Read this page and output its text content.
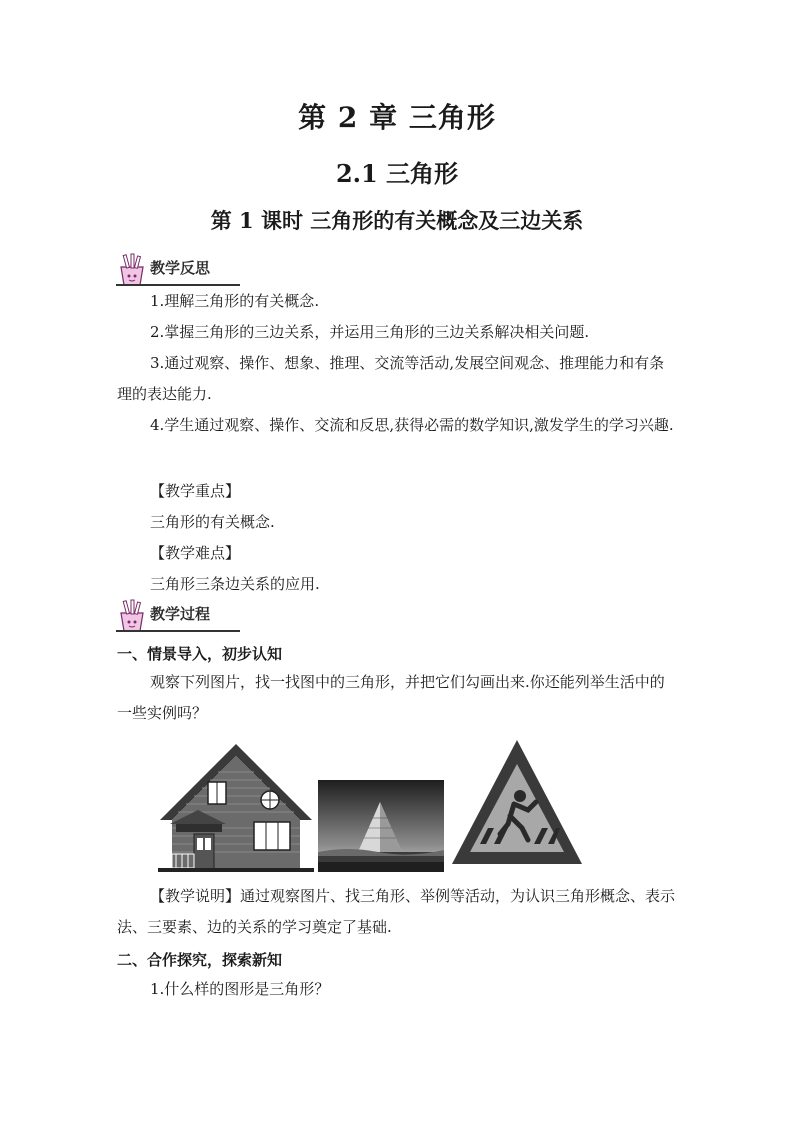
第 2 章 三角形
2.1 三角形
第 1 课时 三角形的有关概念及三边关系
教学反思
1.理解三角形的有关概念.
2.掌握三角形的三边关系，并运用三角形的三边关系解决相关问题.
3.通过观察、操作、想象、推理、交流等活动,发展空间观念、推理能力和有条理的表达能力.
4.学生通过观察、操作、交流和反思,获得必需的数学知识,激发学生的学习兴趣.
【教学重点】
三角形的有关概念.
【教学难点】
三角形三条边关系的应用.
教学过程
一、情景导入，初步认知
观察下列图片，找一找图中的三角形，并把它们勾画出来.你还能列举生活中的一些实例吗？
【教学说明】通过观察图片、找三角形、举例等活动，为认识三角形概念、表示法、三要素、边的关系的学习奠定了基础.
二、合作探究，探索新知
1.什么样的图形是三角形？
